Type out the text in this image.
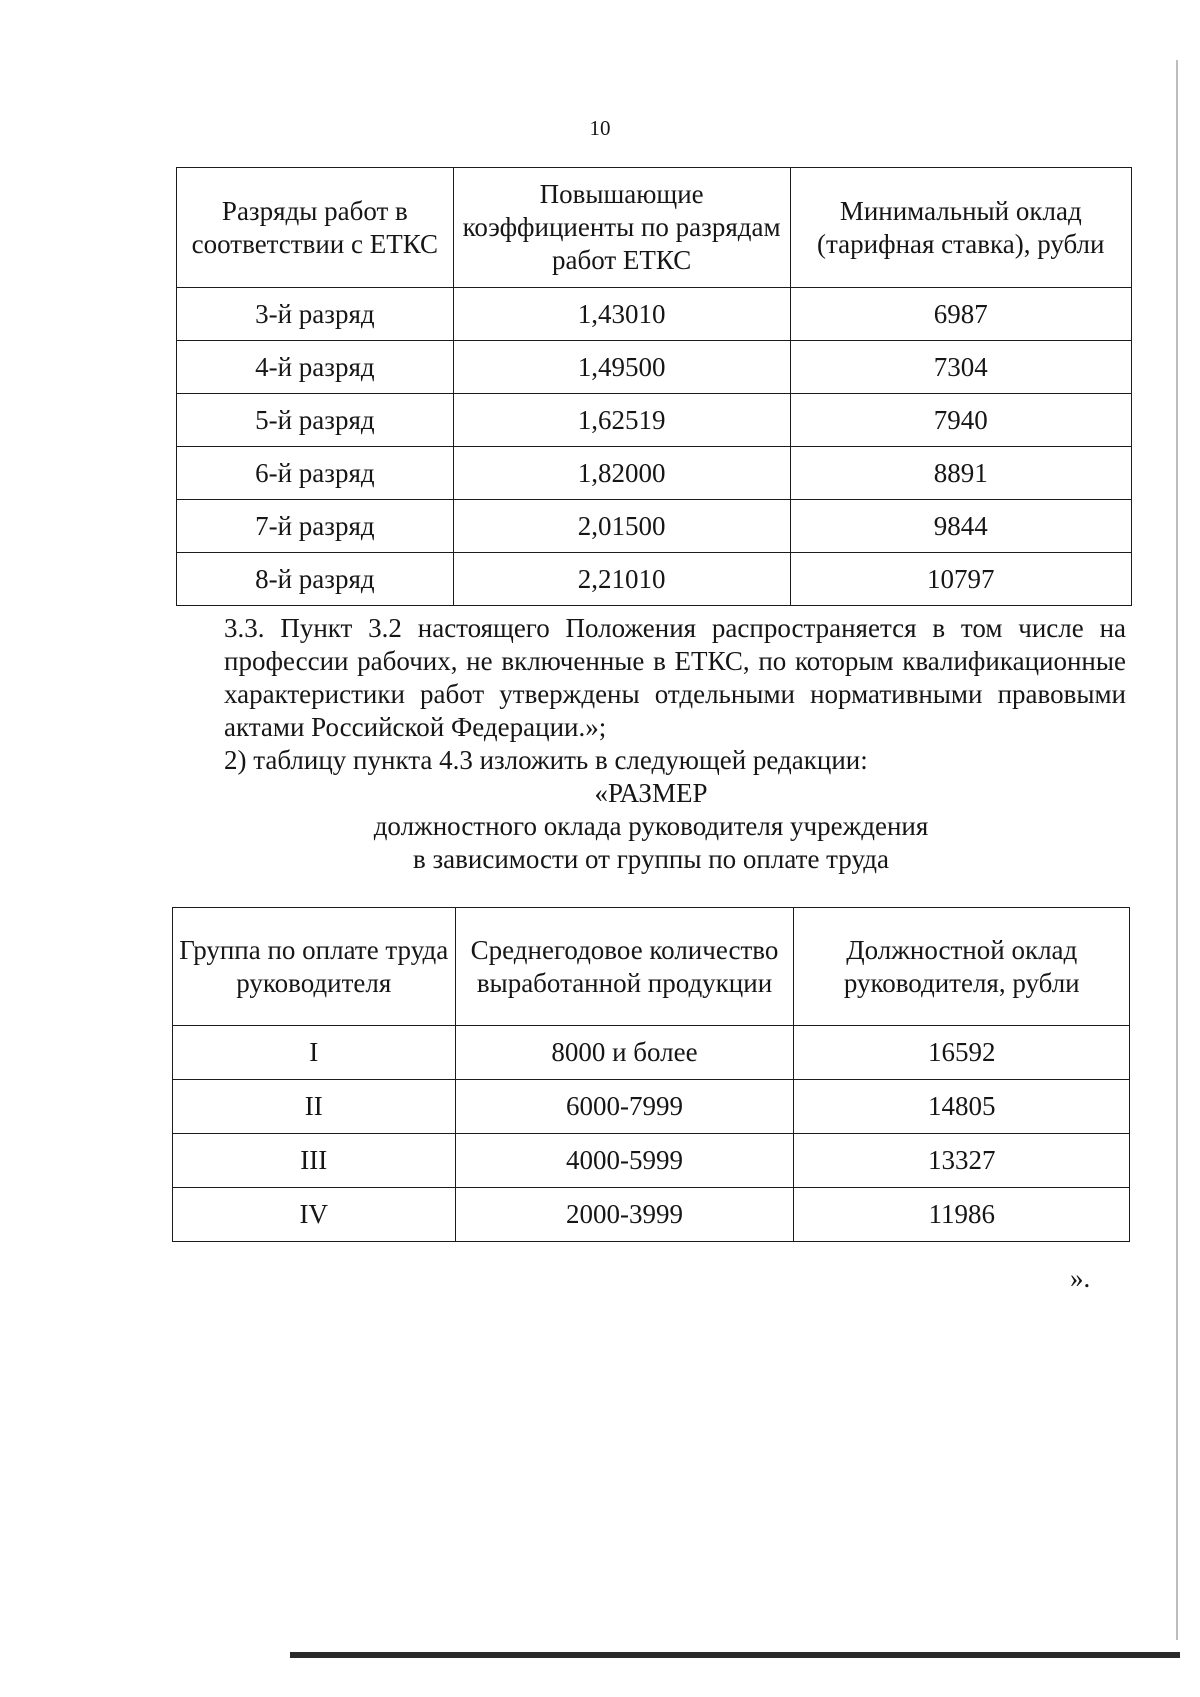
10
Разряды работ в соответствии с ЕТКС	Повышающие коэффициенты по разрядам работ ЕТКС	Минимальный оклад (тарифная ставка), рубли
3-й разряд	1,43010	6987
4-й разряд	1,49500	7304
5-й разряд	1,62519	7940
6-й разряд	1,82000	8891
7-й разряд	2,01500	9844
8-й разряд	2,21010	10797
3.3. Пункт 3.2 настоящего Положения распространяется в том числе на профессии рабочих, не включенные в ЕТКС, по которым квалификационные характеристики работ утверждены отдельными нормативными правовыми актами Российской Федерации.»;
2) таблицу пункта 4.3 изложить в следующей редакции:
«РАЗМЕР
должностного оклада руководителя учреждения
в зависимости от группы по оплате труда
Группа по оплате труда руководителя	Среднегодовое количество выработанной продукции	Должностной оклад руководителя, рубли
I	8000 и более	16592
II	6000-7999	14805
III	4000-5999	13327
IV	2000-3999	11986
».
